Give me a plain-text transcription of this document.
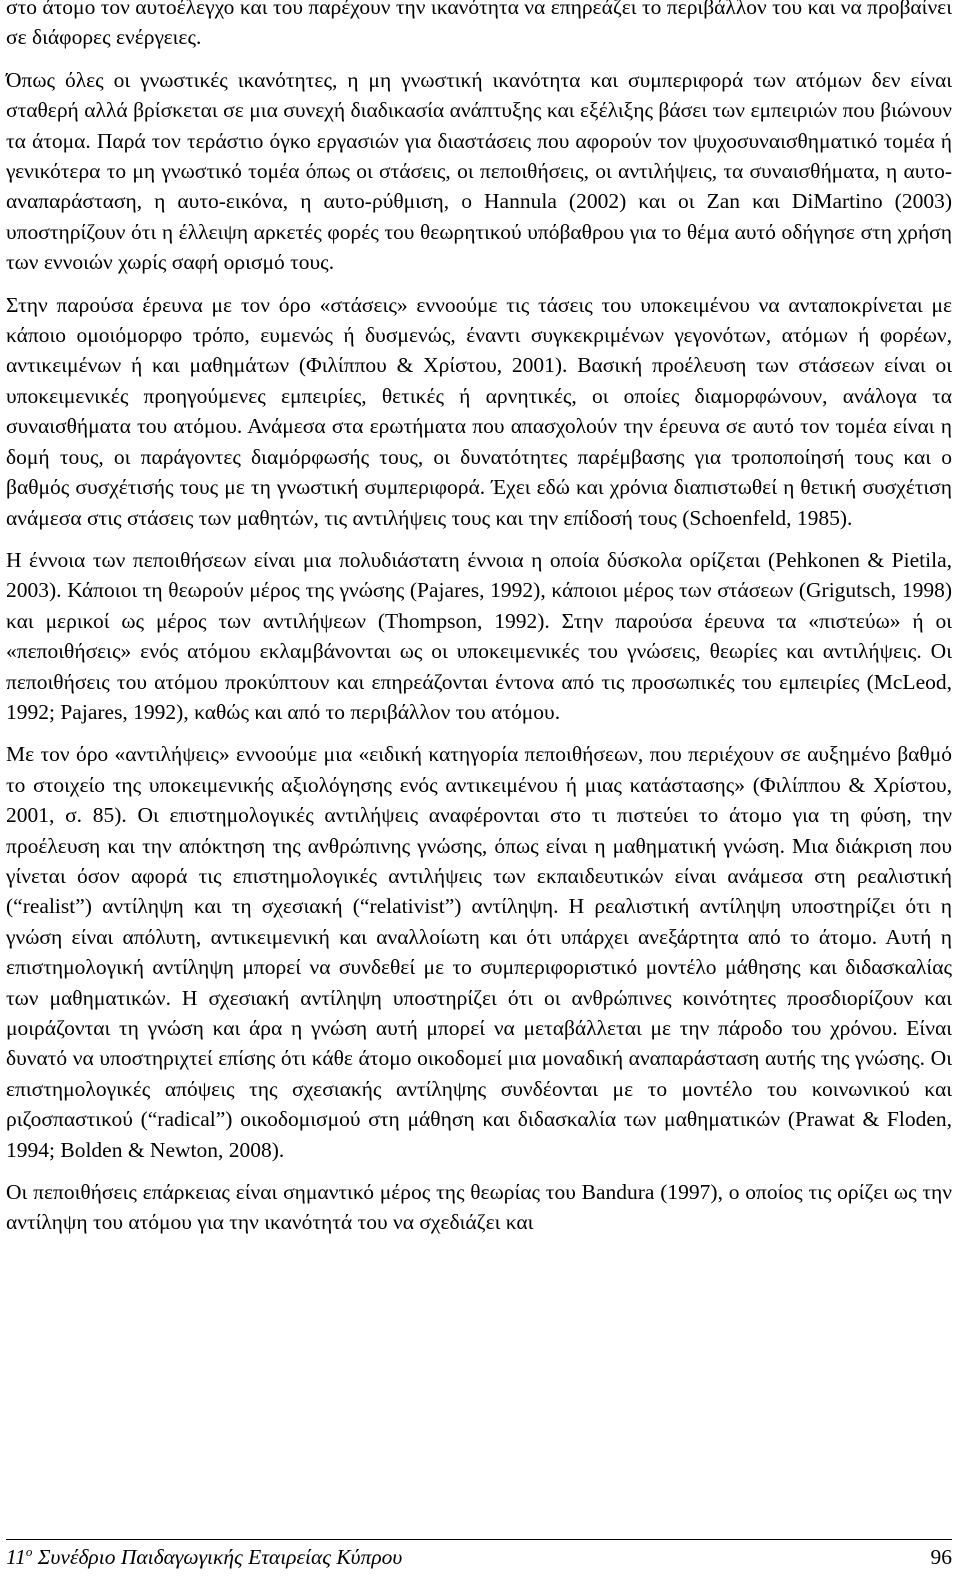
στο άτομο τον αυτοέλεγχο και του παρέχουν την ικανότητα να επηρεάζει το περιβάλλον του και να προβαίνει σε διάφορες ενέργειες.

Όπως όλες οι γνωστικές ικανότητες, η μη γνωστική ικανότητα και συμπεριφορά των ατόμων δεν είναι σταθερή αλλά βρίσκεται σε μια συνεχή διαδικασία ανάπτυξης και εξέλιξης βάσει των εμπειριών που βιώνουν τα άτομα. Παρά τον τεράστιο όγκο εργασιών για διαστάσεις που αφορούν τον ψυχοσυναισθηματικό τομέα ή γενικότερα το μη γνωστικό τομέα όπως οι στάσεις, οι πεποιθήσεις, οι αντιλήψεις, τα συναισθήματα, η αυτο-αναπαράσταση, η αυτο-εικόνα, η αυτο-ρύθμιση, ο Hannula (2002) και οι Zan και DiMartino (2003) υποστηρίζουν ότι η έλλειψη αρκετές φορές του θεωρητικού υπόβαθρου για το θέμα αυτό οδήγησε στη χρήση των εννοιών χωρίς σαφή ορισμό τους.

Στην παρούσα έρευνα με τον όρο «στάσεις» εννοούμε τις τάσεις του υποκειμένου να ανταποκρίνεται με κάποιο ομοιόμορφο τρόπο, ευμενώς ή δυσμενώς, έναντι συγκεκριμένων γεγονότων, ατόμων ή φορέων, αντικειμένων ή και μαθημάτων (Φιλίππου & Χρίστου, 2001). Βασική προέλευση των στάσεων είναι οι υποκειμενικές προηγούμενες εμπειρίες, θετικές ή αρνητικές, οι οποίες διαμορφώνουν, ανάλογα τα συναισθήματα του ατόμου. Ανάμεσα στα ερωτήματα που απασχολούν την έρευνα σε αυτό τον τομέα είναι η δομή τους, οι παράγοντες διαμόρφωσής τους, οι δυνατότητες παρέμβασης για τροποποίησή τους και ο βαθμός συσχέτισής τους με τη γνωστική συμπεριφορά. Έχει εδώ και χρόνια διαπιστωθεί η θετική συσχέτιση ανάμεσα στις στάσεις των μαθητών, τις αντιλήψεις τους και την επίδοσή τους (Schoenfeld, 1985).

Η έννοια των πεποιθήσεων είναι μια πολυδιάστατη έννοια η οποία δύσκολα ορίζεται (Pehkonen & Pietila, 2003). Κάποιοι τη θεωρούν μέρος της γνώσης (Pajares, 1992), κάποιοι μέρος των στάσεων (Grigutsch, 1998) και μερικοί ως μέρος των αντιλήψεων (Thompson, 1992). Στην παρούσα έρευνα τα «πιστεύω» ή οι «πεποιθήσεις» ενός ατόμου εκλαμβάνονται ως οι υποκειμενικές του γνώσεις, θεωρίες και αντιλήψεις. Οι πεποιθήσεις του ατόμου προκύπτουν και επηρεάζονται έντονα από τις προσωπικές του εμπειρίες (McLeod, 1992; Pajares, 1992), καθώς και από το περιβάλλον του ατόμου.

Με τον όρο «αντιλήψεις» εννοούμε μια «ειδική κατηγορία πεποιθήσεων, που περιέχουν σε αυξημένο βαθμό το στοιχείο της υποκειμενικής αξιολόγησης ενός αντικειμένου ή μιας κατάστασης» (Φιλίππου & Χρίστου, 2001, σ. 85). Οι επιστημολογικές αντιλήψεις αναφέρονται στο τι πιστεύει το άτομο για τη φύση, την προέλευση και την απόκτηση της ανθρώπινης γνώσης, όπως είναι η μαθηματική γνώση. Μια διάκριση που γίνεται όσον αφορά τις επιστημολογικές αντιλήψεις των εκπαιδευτικών είναι ανάμεσα στη ρεαλιστική (“realist”) αντίληψη και τη σχεσιακή (“relativist”) αντίληψη. Η ρεαλιστική αντίληψη υποστηρίζει ότι η γνώση είναι απόλυτη, αντικειμενική και αναλλοίωτη και ότι υπάρχει ανεξάρτητα από το άτομο. Αυτή η επιστημολογική αντίληψη μπορεί να συνδεθεί με το συμπεριφοριστικό μοντέλο μάθησης και διδασκαλίας των μαθηματικών. Η σχεσιακή αντίληψη υποστηρίζει ότι οι ανθρώπινες κοινότητες προσδιορίζουν και μοιράζονται τη γνώση και άρα η γνώση αυτή μπορεί να μεταβάλλεται με την πάροδο του χρόνου. Είναι δυνατό να υποστηριχτεί επίσης ότι κάθε άτομο οικοδομεί μια μοναδική αναπαράσταση αυτής της γνώσης. Οι επιστημολογικές απόψεις της σχεσιακής αντίληψης συνδέονται με το μοντέλο του κοινωνικού και ριζοσπαστικού (“radical”) οικοδομισμού στη μάθηση και διδασκαλία των μαθηματικών (Prawat & Floden, 1994; Bolden & Newton, 2008).

Οι πεποιθήσεις επάρκειας είναι σημαντικό μέρος της θεωρίας του Bandura (1997), ο οποίος τις ορίζει ως την αντίληψη του ατόμου για την ικανότητά του να σχεδιάζει και

$11^o$ Συνέδριο Παιδαγωγικής Εταιρείας Κύπρου	96
